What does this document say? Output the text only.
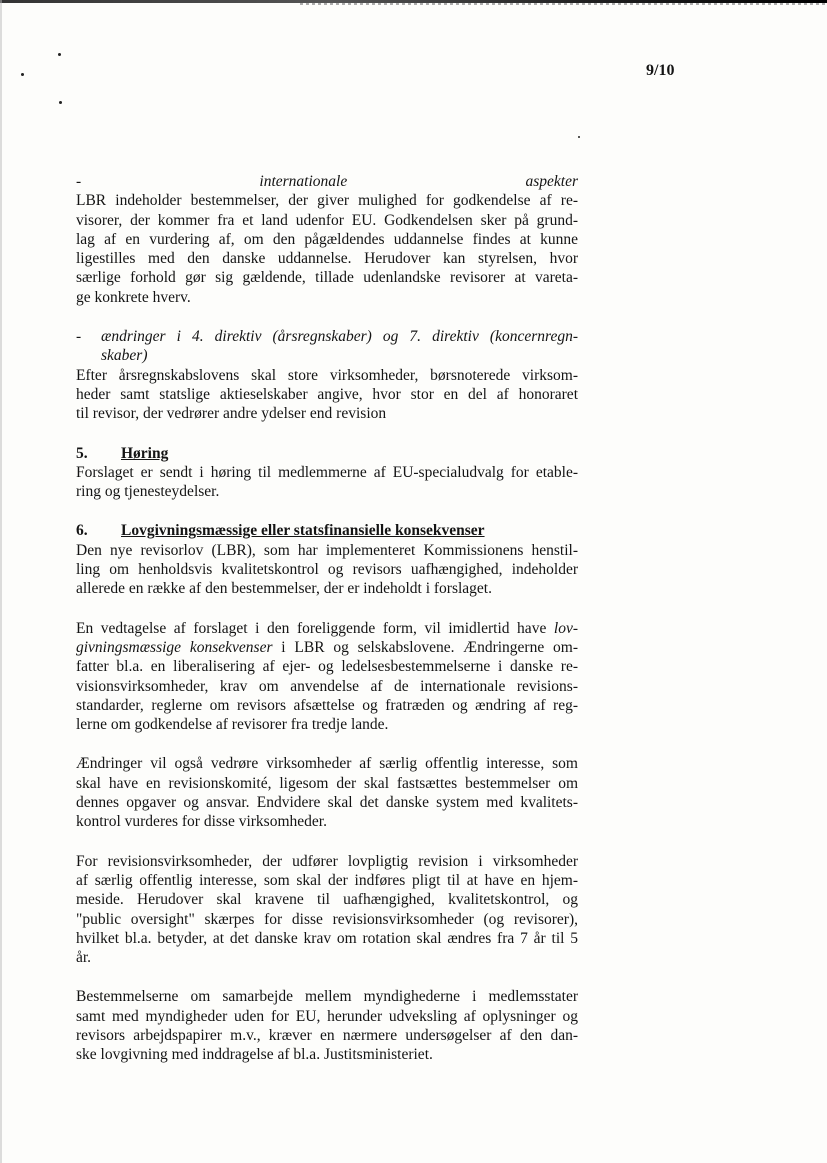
9/10

- internationale aspekter

LBR indeholder bestemmelser, der giver mulighed for godkendelse af re-

visorer, der kommer fra et land udenfor EU. Godkendelsen sker på grund-

lag af en vurdering af, om den pågældendes uddannelse findes at kunne

ligestilles med den danske uddannelse. Herudover kan styrelsen, hvor

særlige forhold gør sig gældende, tillade udenlandske revisorer at vareta-

ge konkrete hverv.

-	ændringer i 4. direktiv (årsregnskaber) og 7. direktiv (koncernregn-

skaber)

Efter årsregnskabslovens skal store virksomheder, børsnoterede virksom-

heder samt statslige aktieselskaber angive, hvor stor en del af honoraret

til revisor, der vedrører andre ydelser end revision

5.	Høring

Forslaget er sendt i høring til medlemmerne af EU-specialudvalg for etable-

ring og tjenesteydelser.

6.	Lovgivningsmæssige eller statsfinansielle konsekvenser

Den nye revisorlov (LBR), som har implementeret Kommissionens henstil-

ling om henholdsvis kvalitetskontrol og revisors uafhængighed, indeholder

allerede en række af den bestemmelser, der er indeholdt i forslaget.

En vedtagelse af forslaget i den foreliggende form, vil imidlertid have lov-

givningsmæssige konsekvenser i LBR og selskabslovene. Ændringerne om-

fatter bl.a. en liberalisering af ejer- og ledelsesbestemmelserne i danske re-

visionsvirksomheder, krav om anvendelse af de internationale revisions-

standarder, reglerne om revisors afsættelse og fratræden og ændring af reg-

lerne om godkendelse af revisorer fra tredje lande.

Ændringer vil også vedrøre virksomheder af særlig offentlig interesse, som

skal have en revisionskomité, ligesom der skal fastsættes bestemmelser om

dennes opgaver og ansvar. Endvidere skal det danske system med kvalitets-

kontrol vurderes for disse virksomheder.

For revisionsvirksomheder, der udfører lovpligtig revision i virksomheder

af særlig offentlig interesse, som skal der indføres pligt til at have en hjem-

meside. Herudover skal kravene til uafhængighed, kvalitetskontrol, og

"public oversight" skærpes for disse revisionsvirksomheder (og revisorer),

hvilket bl.a. betyder, at det danske krav om rotation skal ændres fra 7 år til 5

år.

Bestemmelserne om samarbejde mellem myndighederne i medlemsstater

samt med myndigheder uden for EU, herunder udveksling af oplysninger og

revisors arbejdspapirer m.v., kræver en nærmere undersøgelser af den dan-

ske lovgivning med inddragelse af bl.a. Justitsministeriet.
